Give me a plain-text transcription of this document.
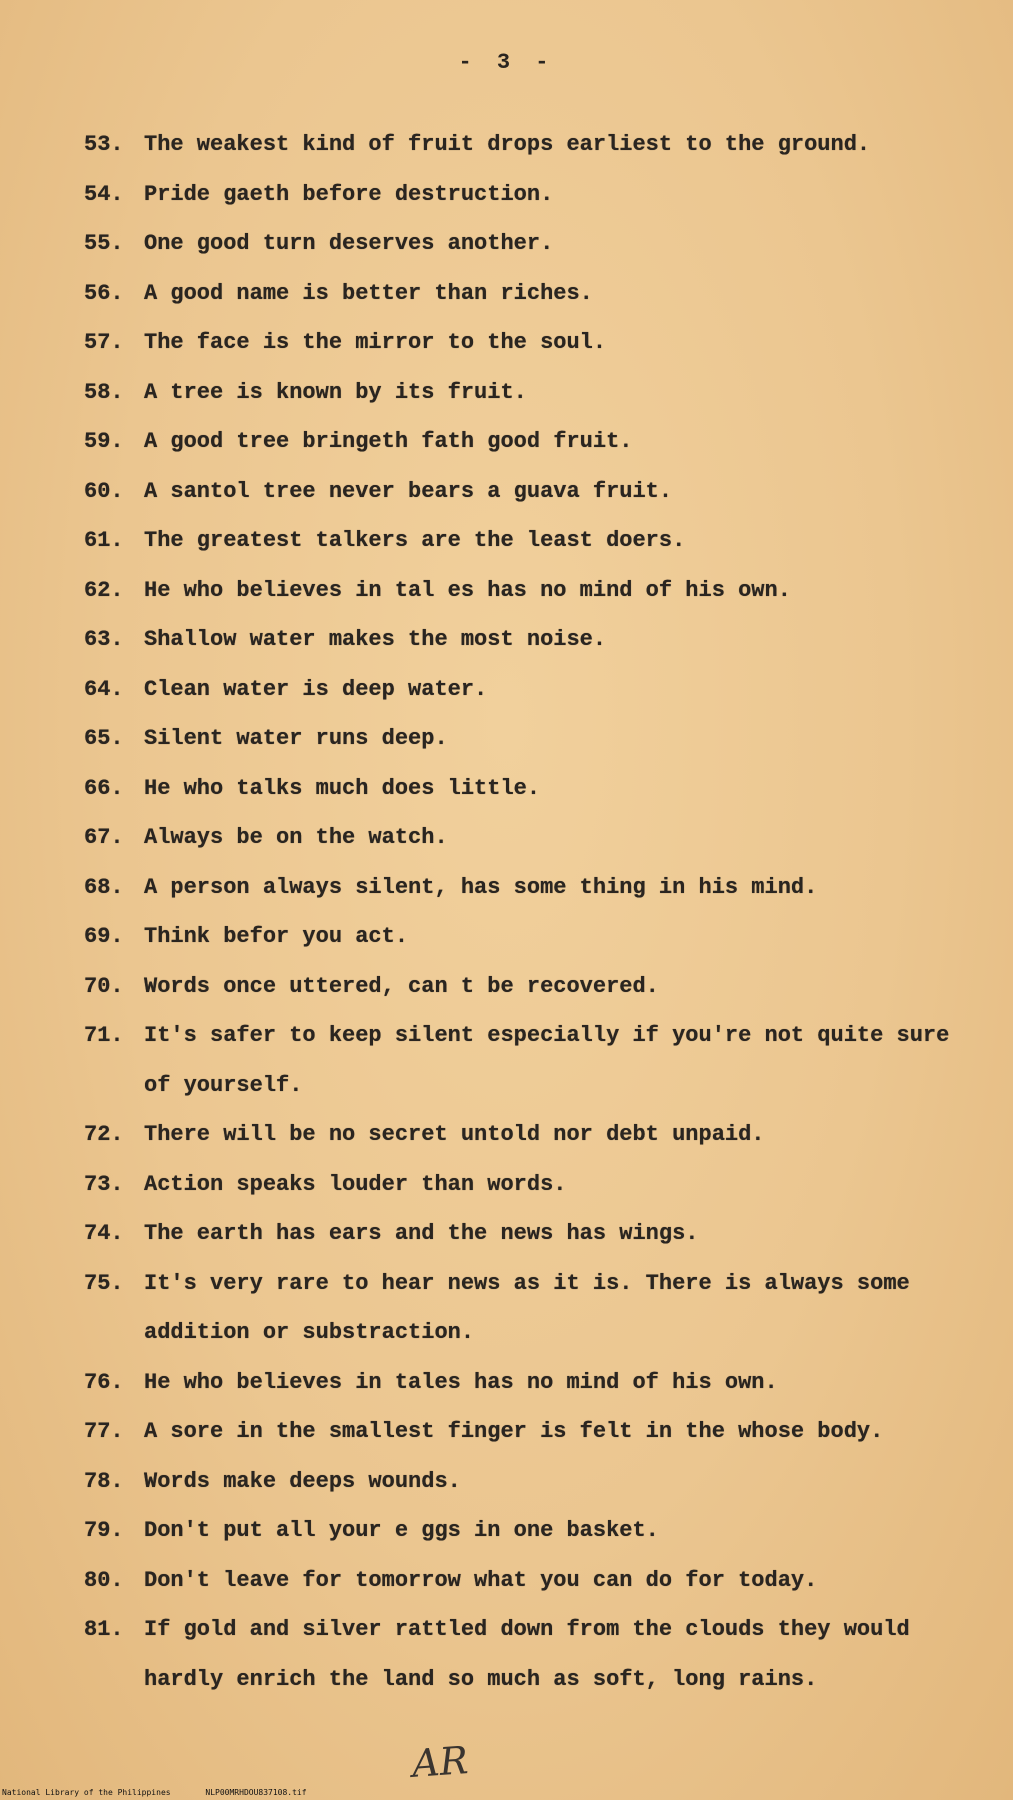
- 3 -
53. The weakest kind of fruit drops earliest to the ground.
54. Pride gaeth before destruction.
55. One good turn deserves another.
56. A good name is better than riches.
57. The face is the mirror to the soul.
58. A tree is known by its fruit.
59. A good tree bringeth fath good fruit.
60. A santol tree never bears a guava fruit.
61. The greatest talkers are the least doers.
62. He who believes in tal es has no mind of his own.
63. Shallow water makes the most noise.
64. Clean water is deep water.
65. Silent water runs deep.
66. He who talks much does little.
67. Always be on the watch.
68. A person always silent, has some thing in his mind.
69. Think befor you act.
70. Words once uttered, can t be recovered.
71. It's safer to keep silent especially if you're not quite sure of yourself.
72. There will be no secret untold nor debt unpaid.
73. Action speaks louder than words.
74. The earth has ears and the news has wings.
75. It's very rare to hear news as it is. There is always some addition or substraction.
76. He who believes in tales has no mind of his own.
77. A sore in the smallest finger is felt in the whose body.
78. Words make deeps wounds.
79. Don't put all your e ggs in one basket.
80. Don't leave for tomorrow what you can do for today.
81. If gold and silver rattled down from the clouds they would hardly enrich the land so much as soft, long rains.
AR
National Library of the Philippines	NLP00MRHDOU837108.tif
